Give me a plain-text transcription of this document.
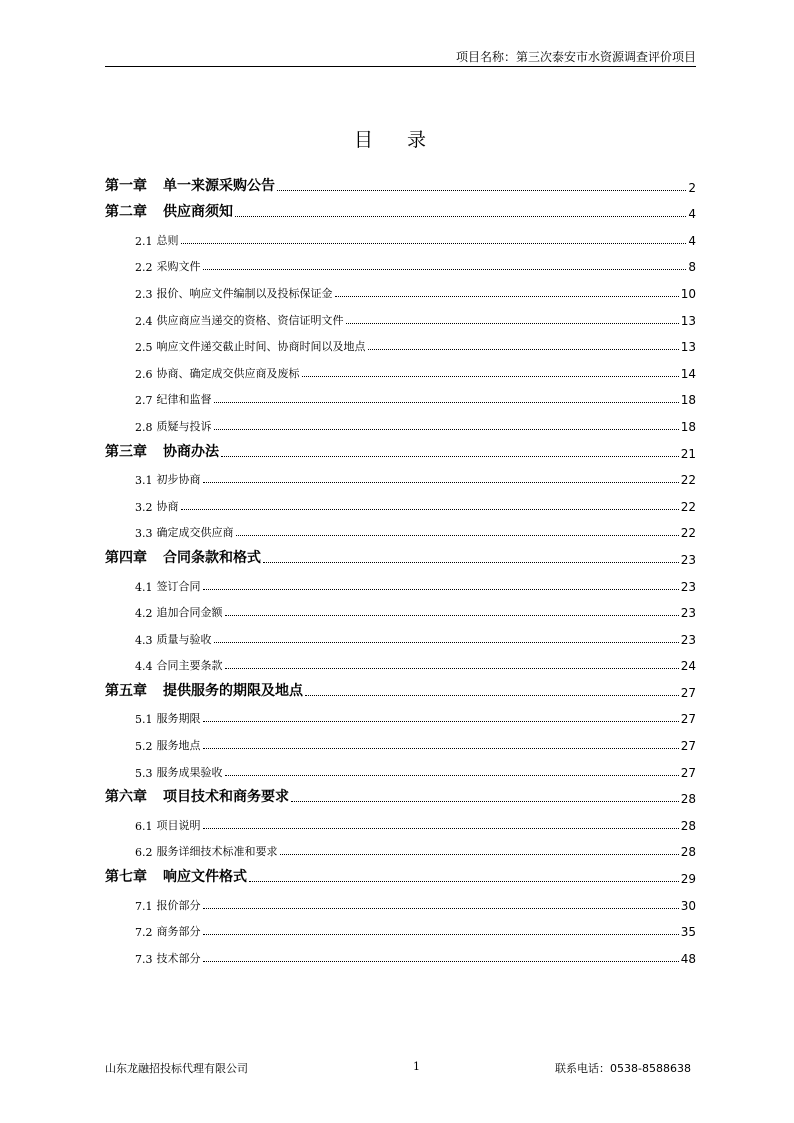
项目名称：第三次泰安市水资源调查评价项目
目 录
第一章 单一来源采购公告	2
第二章 供应商须知	4
2.1 总则	4
2.2 采购文件	8
2.3 报价、响应文件编制以及投标保证金	10
2.4 供应商应当递交的资格、资信证明文件	13
2.5 响应文件递交截止时间、协商时间以及地点	13
2.6 协商、确定成交供应商及废标	14
2.7 纪律和监督	18
2.8 质疑与投诉	18
第三章 协商办法	21
3.1 初步协商	22
3.2 协商	22
3.3 确定成交供应商	22
第四章 合同条款和格式	23
4.1 签订合同	23
4.2 追加合同金额	23
4.3 质量与验收	23
4.4 合同主要条款	24
第五章 提供服务的期限及地点	27
5.1 服务期限	27
5.2 服务地点	27
5.3 服务成果验收	27
第六章 项目技术和商务要求	28
6.1 项目说明	28
6.2 服务详细技术标准和要求	28
第七章 响应文件格式	29
7.1 报价部分	30
7.2 商务部分	35
7.3 技术部分	48
山东龙融招投标代理有限公司	1	联系电话：0538-8588638
